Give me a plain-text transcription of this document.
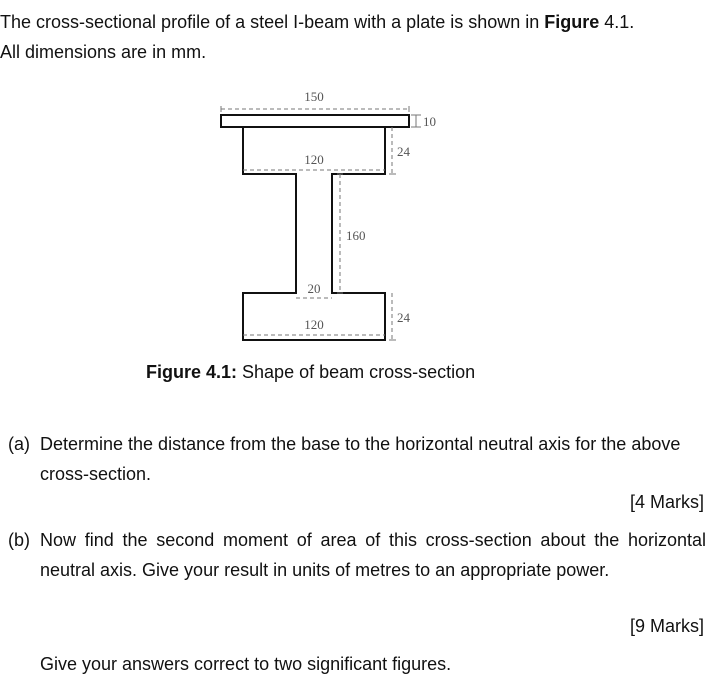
The cross-sectional profile of a steel I-beam with a plate is shown in Figure 4.1.
All dimensions are in mm.
150
10
120
24
160
20
120	24
Figure 4.1: Shape of beam cross-section
(a) Determine the distance from the base to the horizontal neutral axis for the above cross-section.
[4 Marks]
(b) Now find the second moment of area of this cross-section about the horizontal neutral axis. Give your result in units of metres to an appropriate power.
[9 Marks]
Give your answers correct to two significant figures.
